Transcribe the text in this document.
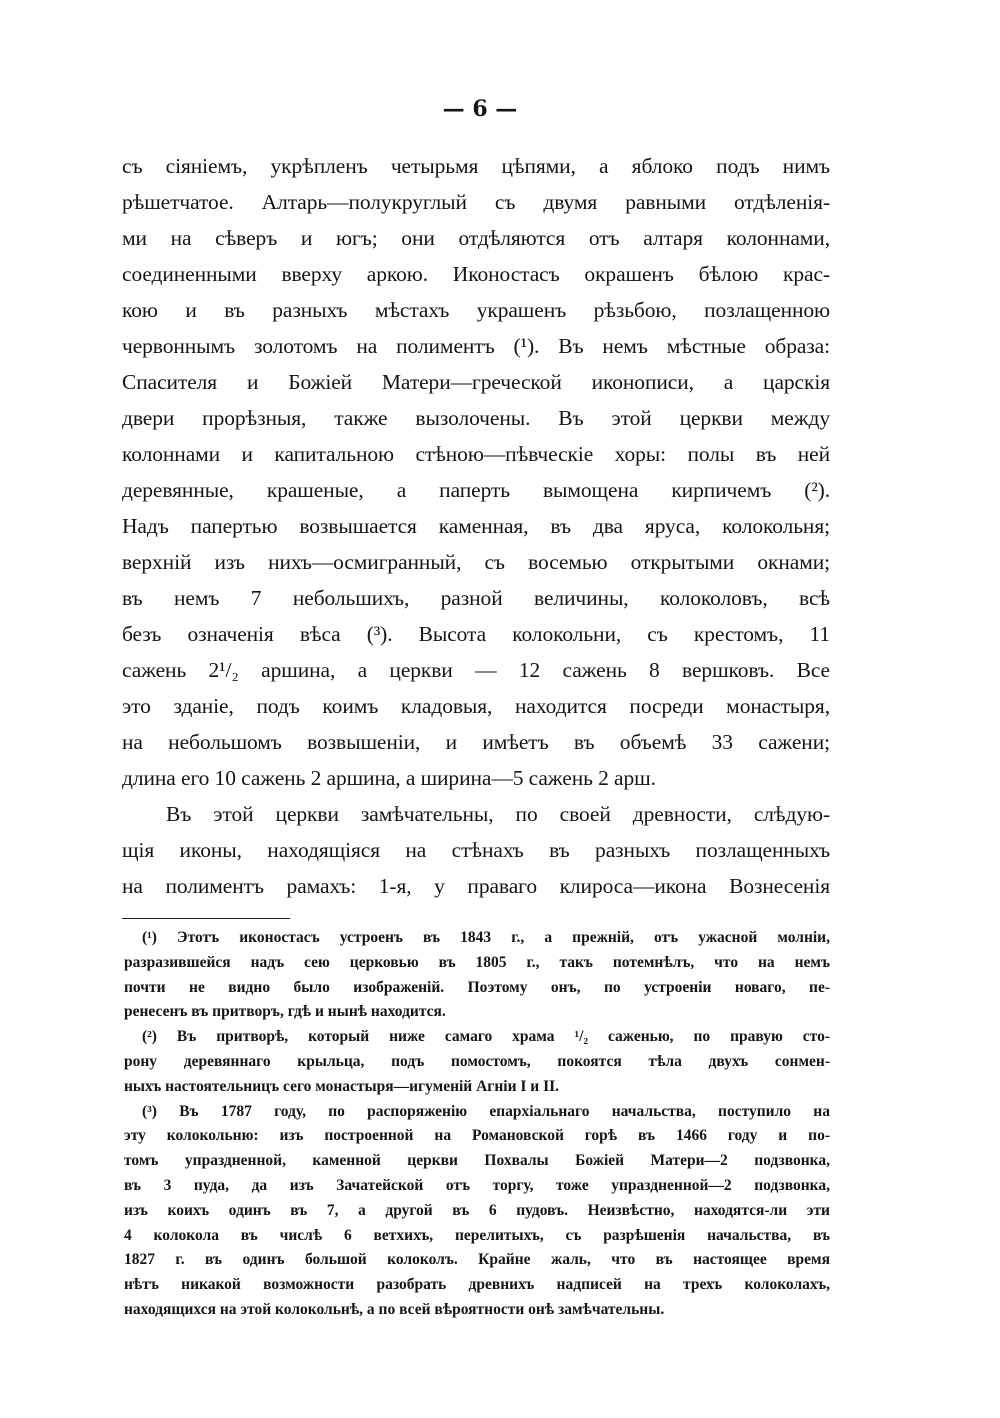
— 6 —
съ сіяніемъ, укрѣпленъ четырьмя цѣпями, а яблоко подъ нимъ
рѣшетчатое. Алтарь—полукруглый съ двумя равными отдѣленія-
ми на сѣверъ и югъ; они отдѣляются отъ алтаря колоннами,
соединенными вверху аркою. Иконостасъ окрашенъ бѣлою крас-
кою и въ разныхъ мѣстахъ украшенъ рѣзьбою, позлащенною
червоннымъ золотомъ на полиментъ (¹). Въ немъ мѣстные образа:
Спасителя и Божіей Матери—греческой иконописи, а царскія
двери прорѣзныя, также вызолочены. Въ этой церкви между
колоннами и капитальною стѣною—пѣвческіе хоры: полы въ ней
деревянные, крашеные, а паперть вымощена кирпичемъ (²).
Надъ папертью возвышается каменная, въ два яруса, колокольня;
верхній изъ нихъ—осмигранный, съ восемью открытыми окнами;
въ немъ 7 небольшихъ, разной величины, колоколовъ, всѣ
безъ означенія вѣса (³). Высота колокольни, съ крестомъ, 11
сажень 2¹/₂ аршина, а церкви — 12 сажень 8 вершковъ. Все
это зданіе, подъ коимъ кладовыя, находится посреди монастыря,
на небольшомъ возвышеніи, и имѣетъ въ объемѣ 33 сажени;
длина его 10 сажень 2 аршина, а ширина—5 сажень 2 арш.
Въ этой церкви замѣчательны, по своей древности, слѣдую-
щія иконы, находящіяся на стѣнахъ въ разныхъ позлащенныхъ
на полиментъ рамахъ: 1-я, у праваго клироса—икона Вознесенія
(¹) Этотъ иконостасъ устроенъ въ 1843 г., а прежній, отъ ужасной молніи,
разразившейся надъ сею церковью въ 1805 г., такъ потемнѣлъ, что на немъ
почти не видно было изображеній. Поэтому онъ, по устроеніи новаго, пе-
ренесенъ въ притворъ, гдѣ и нынѣ находится.
(²) Въ притворѣ, который ниже самаго храма ¹/₂ саженью, по правую сто-
рону деревяннаго крыльца, подъ помостомъ, покоятся тѣла двухъ сонмен-
ныхъ настоятельницъ сего монастыря—игуменій Агніи I и II.
(³) Въ 1787 году, по распоряженію епархіальнаго начальства, поступило на
эту колокольню: изъ построенной на Романовской горѣ въ 1466 году и по-
томъ упраздненной, каменной церкви Похвалы Божіей Матери—2 подзвонка,
въ 3 пуда, да изъ Зачатейской отъ торгу, тоже упраздненной—2 подзвонка,
изъ коихъ одинъ въ 7, а другой въ 6 пудовъ. Неизвѣстно, находятся-ли эти
4 колокола въ числѣ 6 ветхихъ, перелитыхъ, съ разрѣшенія начальства, въ
1827 г. въ одинъ большой колоколъ. Крайне жаль, что въ настоящее время
нѣтъ никакой возможности разобрать древнихъ надписей на трехъ колоколахъ,
находящихся на этой колокольнѣ, а по всей вѣроятности онѣ замѣчательны.
